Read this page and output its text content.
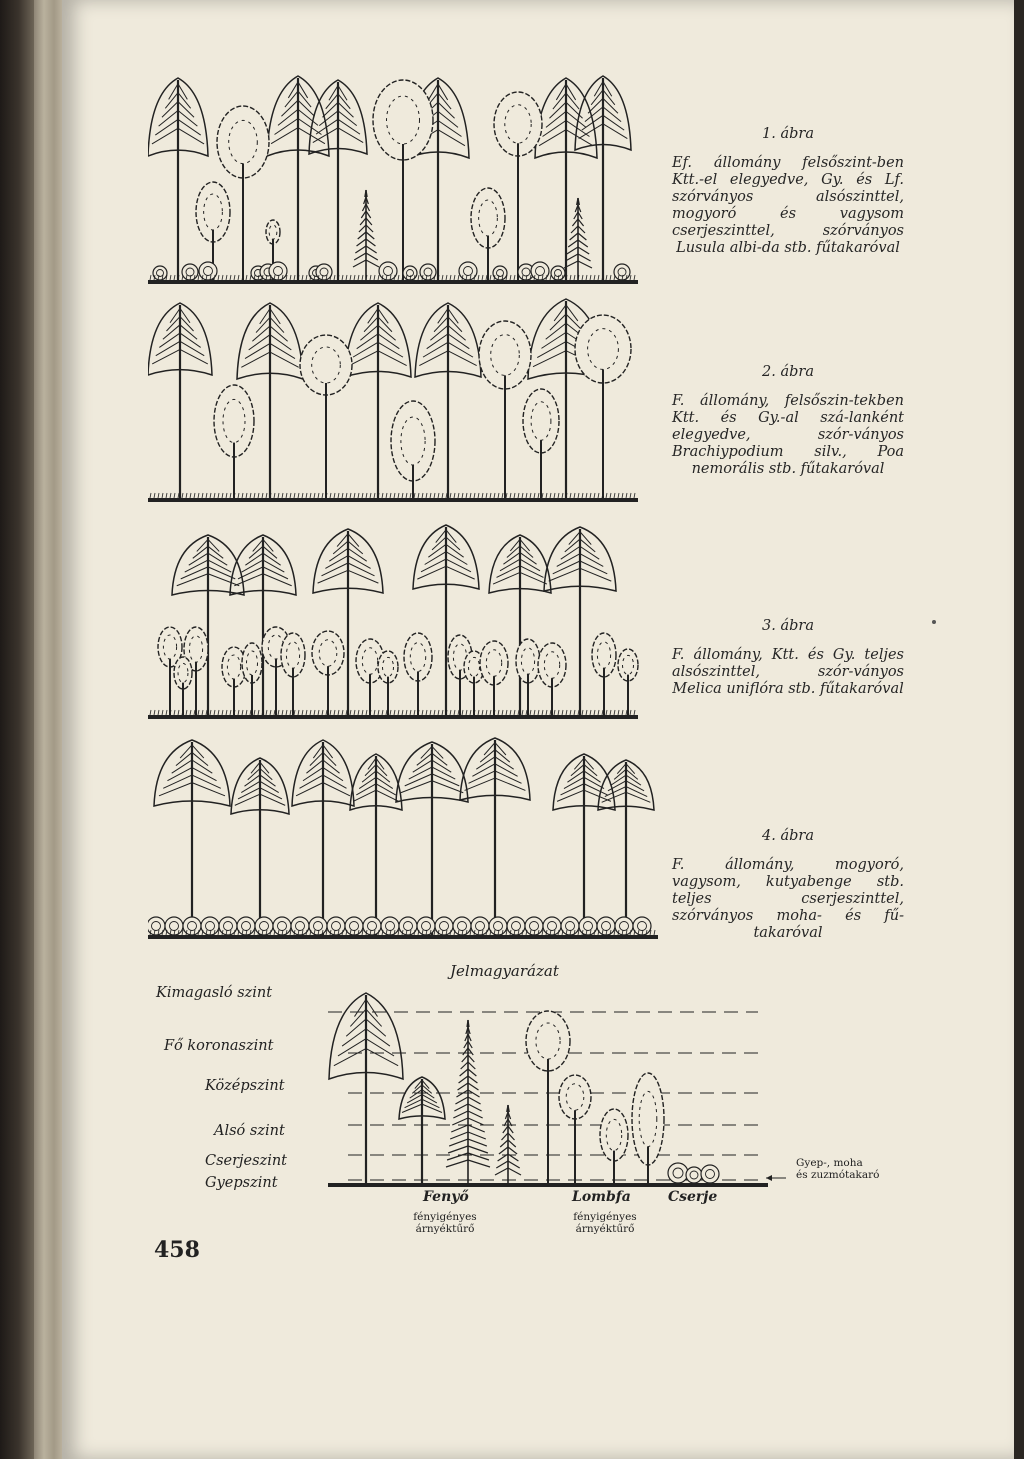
1. ábra
Ef. állomány felsőszint-ben Ktt.-el elegyedve, Gy. és Lf. szórványos alsószinttel, mogyoró és vagysom cserjeszinttel, szórványos Lusula albi-da stb. fűtakaróval
2. ábra
F. állomány, felsőszin-tekben Ktt. és Gy.-al szá-lanként elegyedve, szór-ványos Brachiypodium silv., Poa nemorális stb. fűtakaróval
3. ábra
F. állomány, Ktt. és Gy. teljes alsószinttel, szór-ványos Melica uniflóra stb. fűtakaróval
4. ábra
F. állomány, mogyoró, vagysom, kutyabenge stb. teljes cserjeszinttel, szórványos moha- és fű-takaróval
Jelmagyarázat
Kimagasló szint
Fő koronaszint
Középszint
Alsó szint
Cserjeszint
Gyepszint
Fenyő
fényigényes
árnyéktűrő
Lombfa
fényigényes
árnyéktűrő
Cserje
Gyep-, moha
és zuzmótakaró
458
